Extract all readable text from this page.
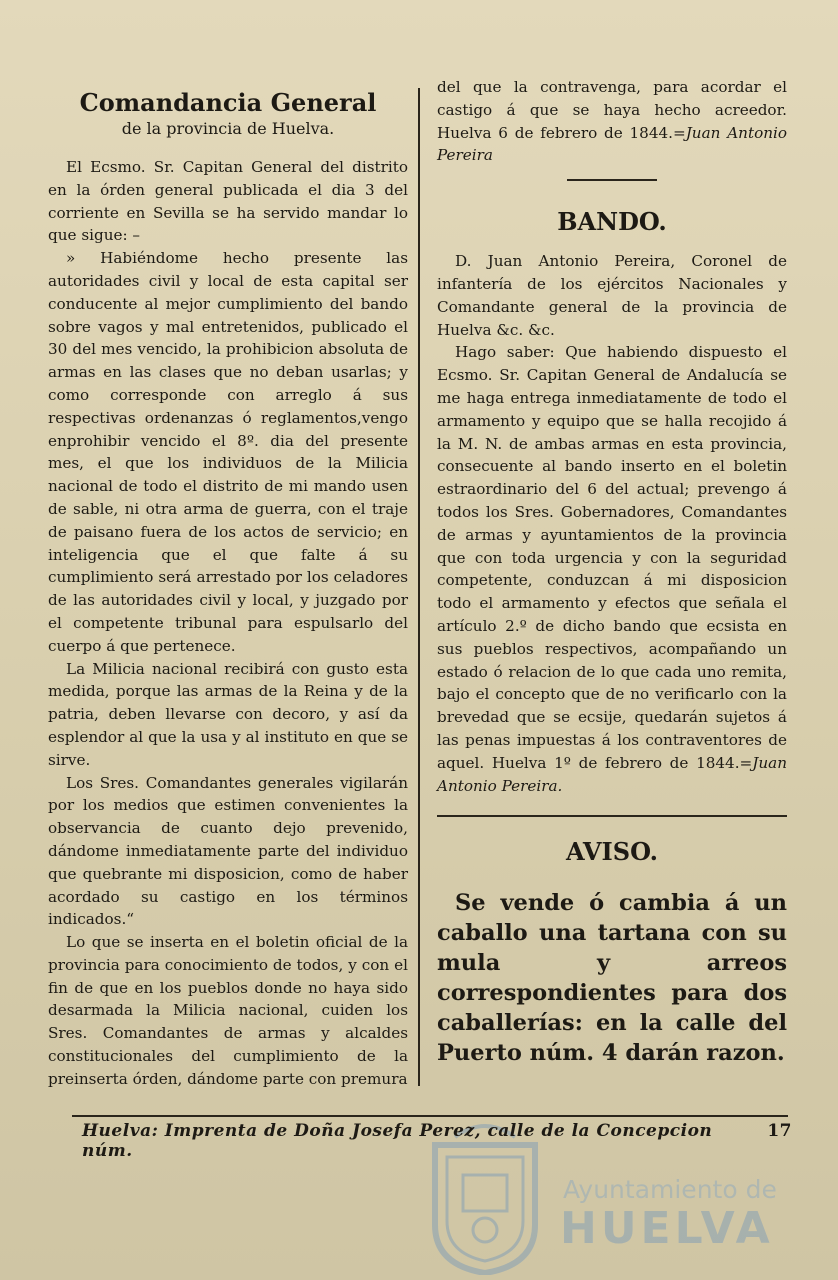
Comandancia General
de la provincia de Huelva.

El Ecsmo. Sr. Capitan General del distrito en la órden general publicada el dia 3 del corriente en Sevilla se ha servido mandar lo que sigue: –

» Habiéndome hecho presente las autoridades civil y local de esta capital ser conducente al mejor cumplimiento del bando sobre vagos y mal entretenidos, publicado el 30 del mes vencido, la prohibicion absoluta de armas en las clases que no deban usarlas; y como corresponde con arreglo á sus respectivas ordenanzas ó reglamentos,vengo enprohibir vencido el 8º. dia del presente mes, el que los individuos de la Milicia nacional de todo el distrito de mi mando usen de sable, ni otra arma de guerra, con el traje de paisano fuera de los actos de servicio; en inteligencia que el que falte á su cumplimiento será arrestado por los celadores de las autoridades civil y local, y juzgado por el competente tribunal para espulsarlo del cuerpo á que pertenece.

La Milicia nacional recibirá con gusto esta medida, porque las armas de la Reina y de la patria, deben llevarse con decoro, y así da esplendor al que la usa y al instituto en que se sirve.

Los Sres. Comandantes generales vigilarán por los medios que estimen convenientes la observancia de cuanto dejo prevenido, dándome inmediatamente parte del individuo que quebrante mi disposicion, como de haber acordado su castigo en los términos indicados.“

Lo que se inserta en el boletin oficial de la provincia para conocimiento de todos, y con el fin de que en los pueblos donde no haya sido desarmada la Milicia nacional, cuiden los Sres. Comandantes de armas y alcaldes constitucionales del cumplimiento de la preinserta órden, dándome parte con premura

del que la contravenga, para acordar el castigo á que se haya hecho acreedor. Huelva 6 de febrero de 1844.=Juan Antonio Pereira

BANDO.

D. Juan Antonio Pereira, Coronel de infantería de los ejércitos Nacionales y Comandante general de la provincia de Huelva &c. &c.

Hago saber: Que habiendo dispuesto el Ecsmo. Sr. Capitan General de Andalucía se me haga entrega inmediatamente de todo el armamento y equipo que se halla recojido á la M. N. de ambas armas en esta provincia, consecuente al bando inserto en el boletin estraordinario del 6 del actual; prevengo á todos los Sres. Gobernadores, Comandantes de armas y ayuntamientos de la provincia que con toda urgencia y con la seguridad competente, conduzcan á mi disposicion todo el armamento y efectos que señala el artículo 2.º de dicho bando que ecsista en sus pueblos respectivos, acompañando un estado ó relacion de lo que cada uno remita, bajo el concepto que de no verificarlo con la brevedad que se ecsije, quedarán sujetos á las penas impuestas á los contraventores de aquel. Huelva 1º de febrero de 1844.=Juan Antonio Pereira.

AVISO.

Se vende ó cambia á un caballo una tartana con su mula y arreos correspondientes para dos caballerías: en la calle del Puerto núm. 4 darán razon.

Ayuntamiento de
HUELVA
Huelva: Imprenta de Doña Josefa Perez, calle de la Concepcion núm.
17
